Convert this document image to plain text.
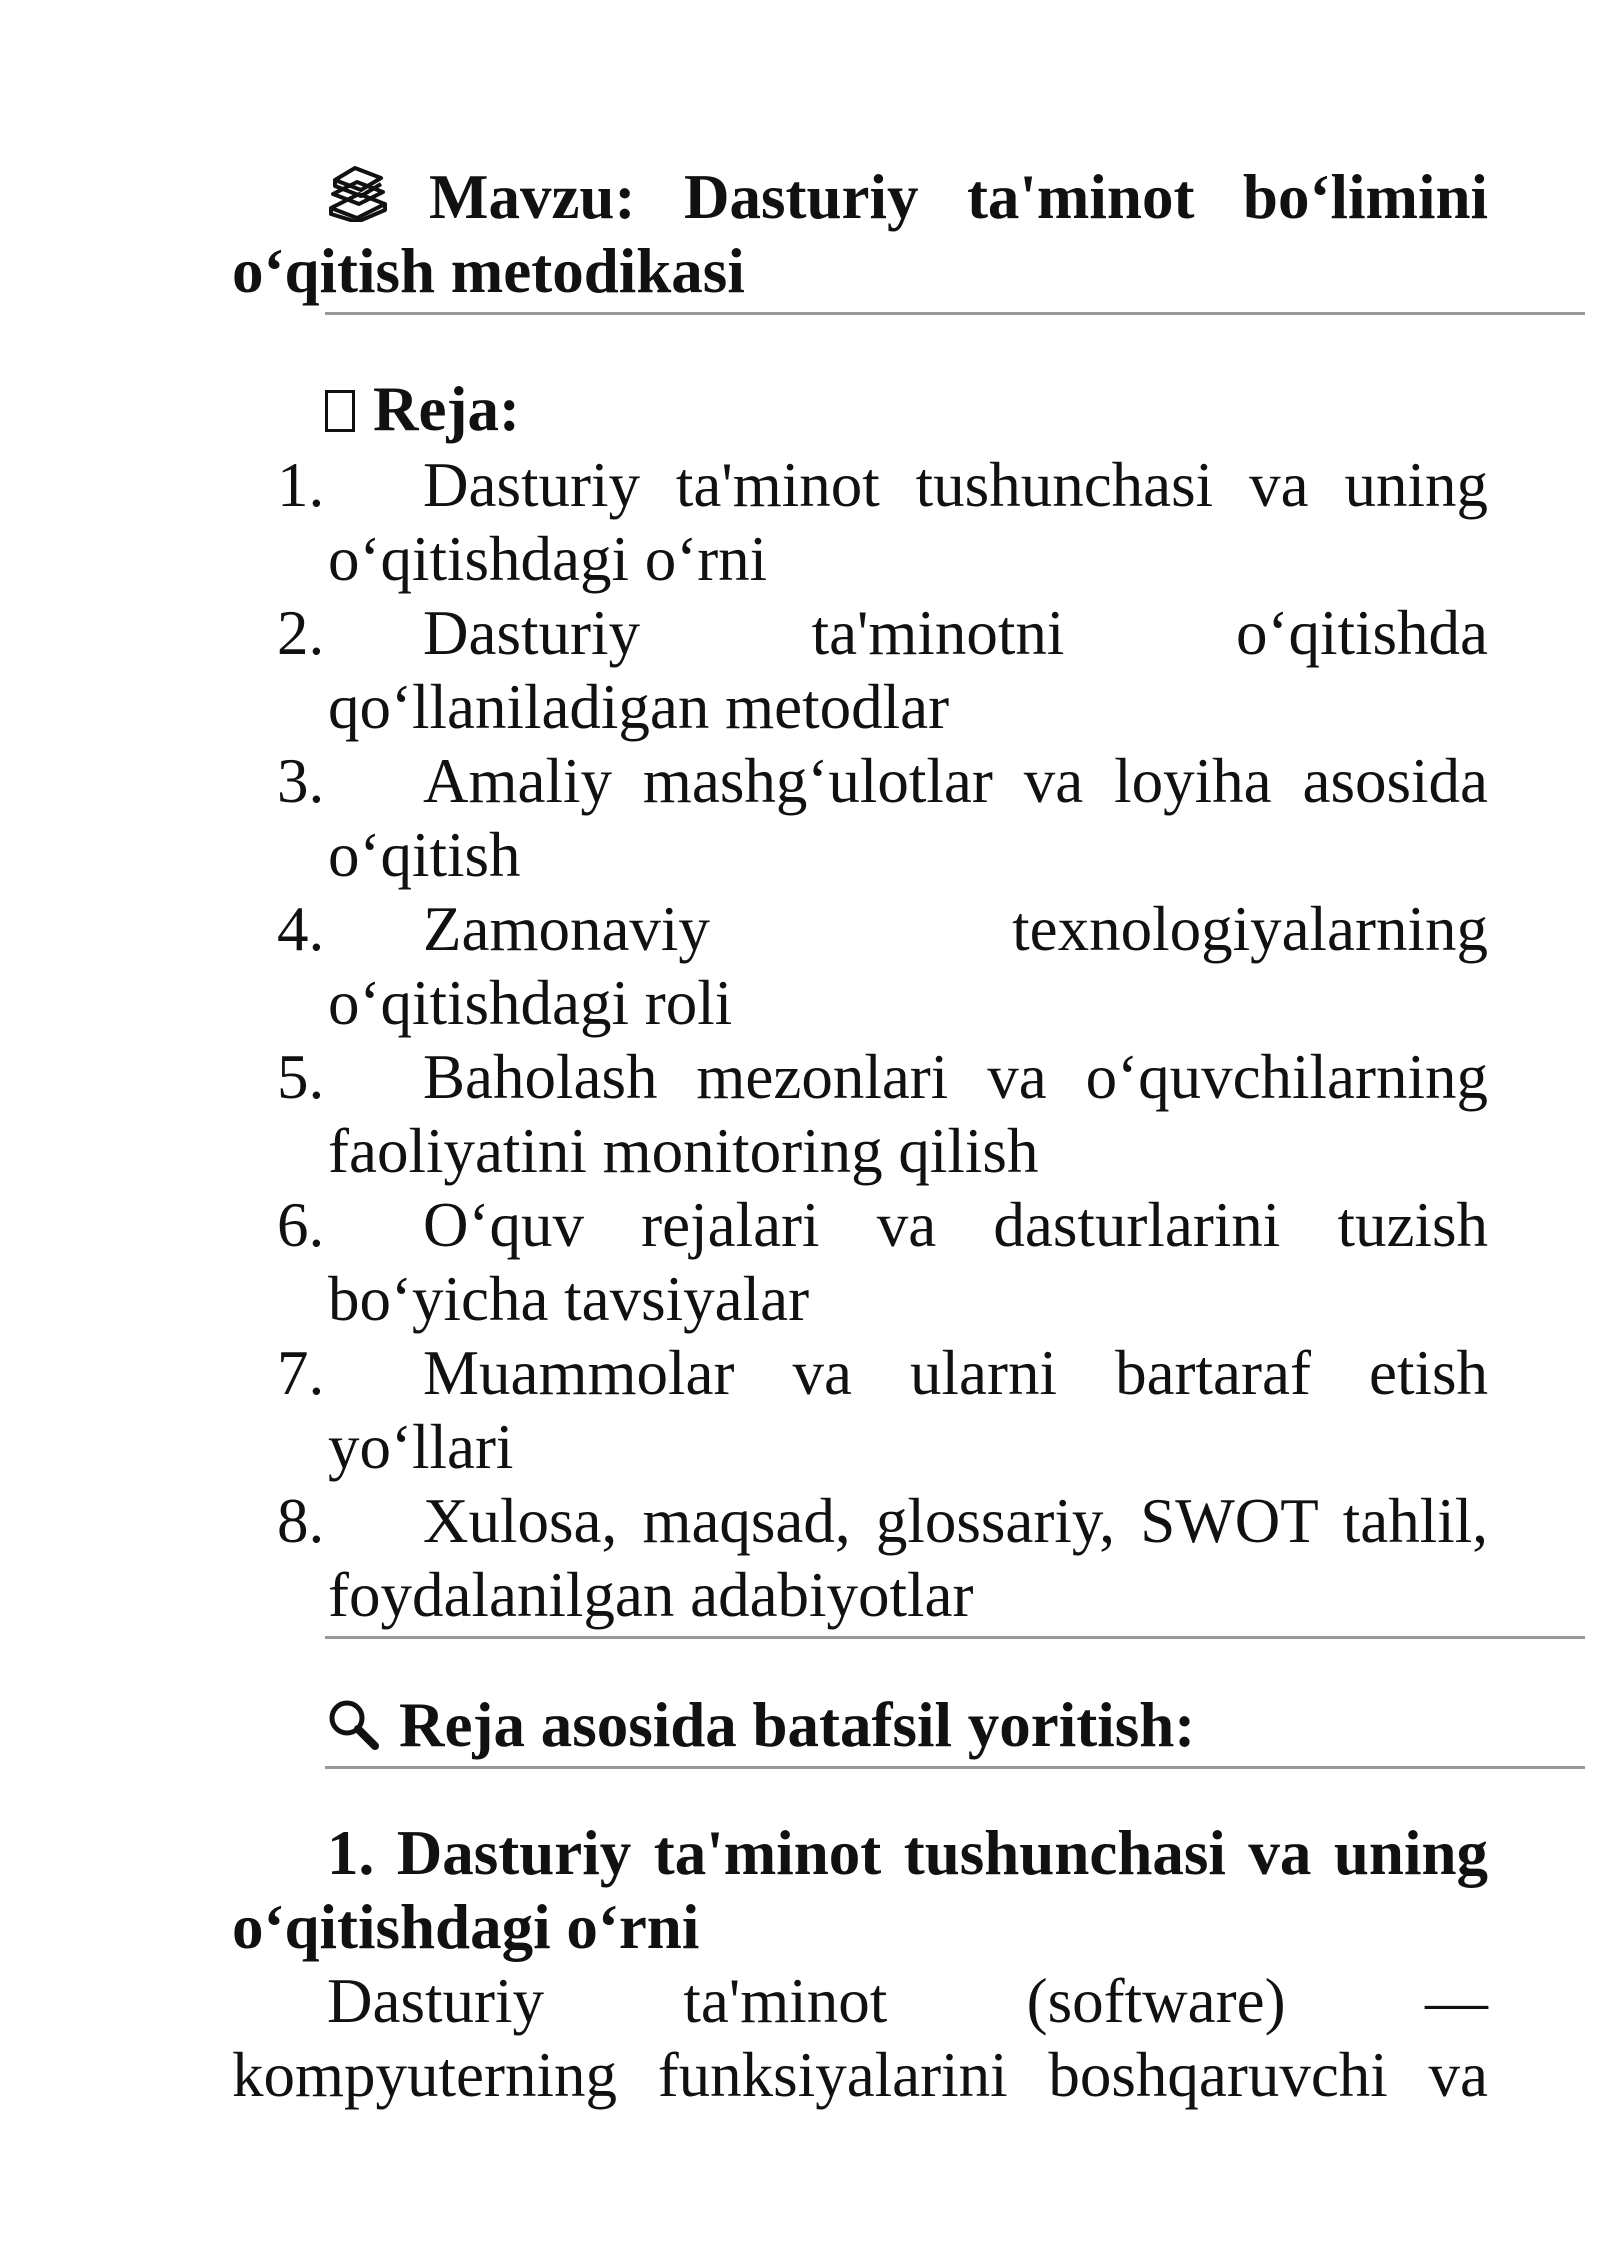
Mavzu: Dasturiy ta'minot bo‘limini o‘qitish metodikasi
Reja:
1.	Dasturiy ta'minot tushunchasi va uning
o‘qitishdagi o‘rni
2.	Dasturiy ta'minotni o‘qitishda
qo‘llaniladigan metodlar
3.	Amaliy mashg‘ulotlar va loyiha asosida
o‘qitish
4.	Zamonaviy texnologiyalarning
o‘qitishdagi roli
5.	Baholash mezonlari va o‘quvchilarning
faoliyatini monitoring qilish
6.	O‘quv rejalari va dasturlarini tuzish
bo‘yicha tavsiyalar
7.	Muammolar va ularni bartaraf etish
yo‘llari
8.	Xulosa, maqsad, glossariy, SWOT tahlil,
foydalanilgan adabiyotlar
Reja asosida batafsil yoritish:
1. Dasturiy ta'minot tushunchasi va uning o‘qitishdagi o‘rni
Dasturiy ta'minot (software) — kompyuterning funksiyalarini boshqaruvchi va
